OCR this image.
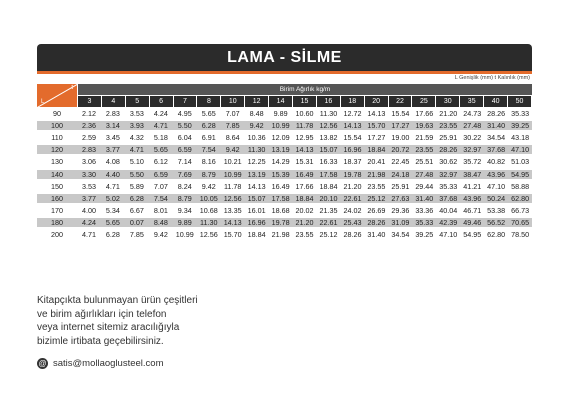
LAMA - SİLME
L Genişlik (mm) t Kalınlık (mm)
t
L
Birim Ağırlık kg/m
3	4	5	6	7	8	10	12	14	15	16	18	20	22	25	30	35	40	50
90	2.12	2.83	3.53	4.24	4.95	5.65	7.07	8.48	9.89	10.60 11.30 12.72 14.13 15.54 17.66 21.20 24.73 28.26 35.33
100	2.36	3.14	3.93	4.71	5.50	6.28	7.85	9.42	10.99 11.78 12.56 14.13 15.70 17.27 19.63 23.55 27.48 31.40 39.25
110	2.59	3.45	4.32	5.18	6.04	6.91	8.64	10.36 12.09 12.95 13.82 15.54 17.27 19.00 21.59 25.91 30.22 34.54 43.18
120	2.83	3.77	4.71	5.65	6.59	7.54	9.42	11.30 13.19 14.13 15.07 16.96 18.84 20.72 23.55 28.26 32.97 37.68 47.10
130	3.06	4.08	5.10	6.12	7.14	8.16	10.21 12.25 14.29 15.31 16.33 18.37 20.41 22.45 25.51 30.62 35.72 40.82 51.03
140	3.30	4.40	5.50	6.59	7.69	8.79	10.99 13.19 15.39 16.49 17.58 19.78 21.98 24.18 27.48 32.97 38.47 43.96 54.95
150	3.53	4.71	5.89	7.07	8.24	9.42	11.78 14.13 16.49 17.66 18.84 21.20 23.55 25.91 29.44 35.33 41.21 47.10 58.88
160	3.77	5.02	6.28	7.54	8.79	10.05 12.56 15.07 17.58 18.84 20.10 22.61 25.12 27.63 31.40 37.68 43.96 50.24 62.80
170	4.00	5.34	6.67	8.01	9.34	10.68 13.35 16.01 18.68 20.02 21.35 24.02 26.69 29.36 33.36 40.04 46.71 53.38 66.73
180	4.24	5.65	0.07	8.48	9.89	11.30 14.13 16.96 19.78 21.20 22.61 25.43 28.26 31.09 35.33 42.39 49.46 56.52 70.65
200	4.71	6.28	7.85	9.42	10.99 12.56 15.70 18.84 21.98 23.55 25.12 28.26 31.40 34.54 39.25 47.10 54.95 62.80 78.50
Kitapçıkta bulunmayan ürün çeşitleri
ve birim ağırlıkları için telefon
veya internet sitemiz aracılığıyla
bizimle irtibata geçebilirsiniz.
@ satis@mollaoglusteel.com
